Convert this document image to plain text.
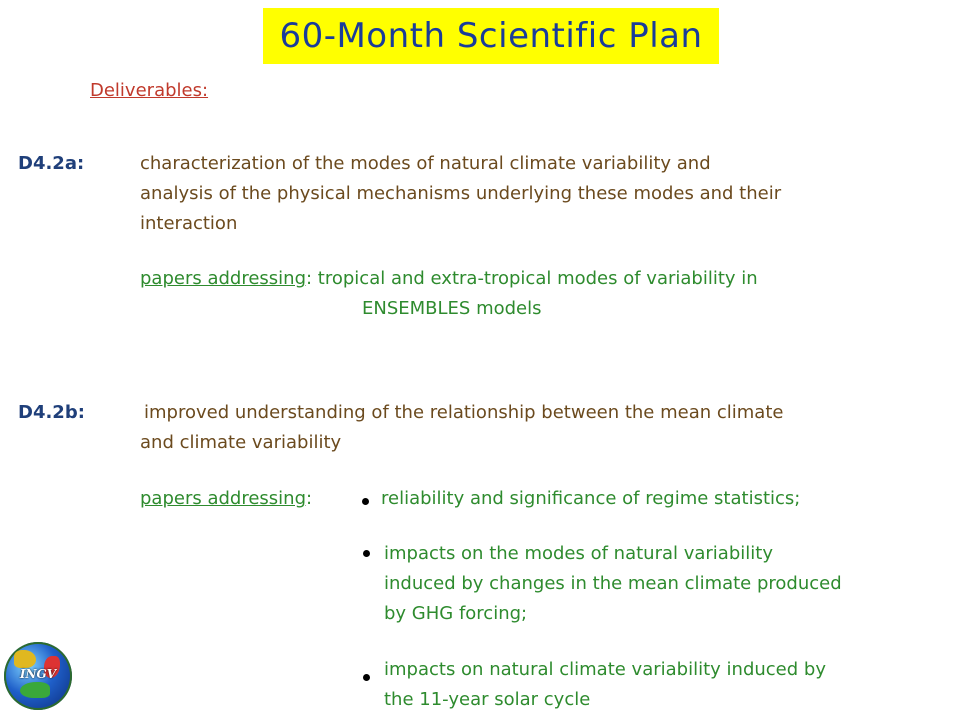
60-Month Scientific Plan
Deliverables:
D4.2a:	characterization of the modes of natural climate variability and
analysis of the physical mechanisms underlying these modes and their
interaction
papers addressing: tropical and extra-tropical modes of variability in
ENSEMBLES models
D4.2b:	improved understanding of the relationship between the mean climate
and climate variability
papers addressing:	reliability and significance of regime statistics;
impacts on the modes of natural variability
induced by changes in the mean climate produced
by GHG forcing;
impacts on natural climate variability induced by
the 11-year solar cycle
INGV
